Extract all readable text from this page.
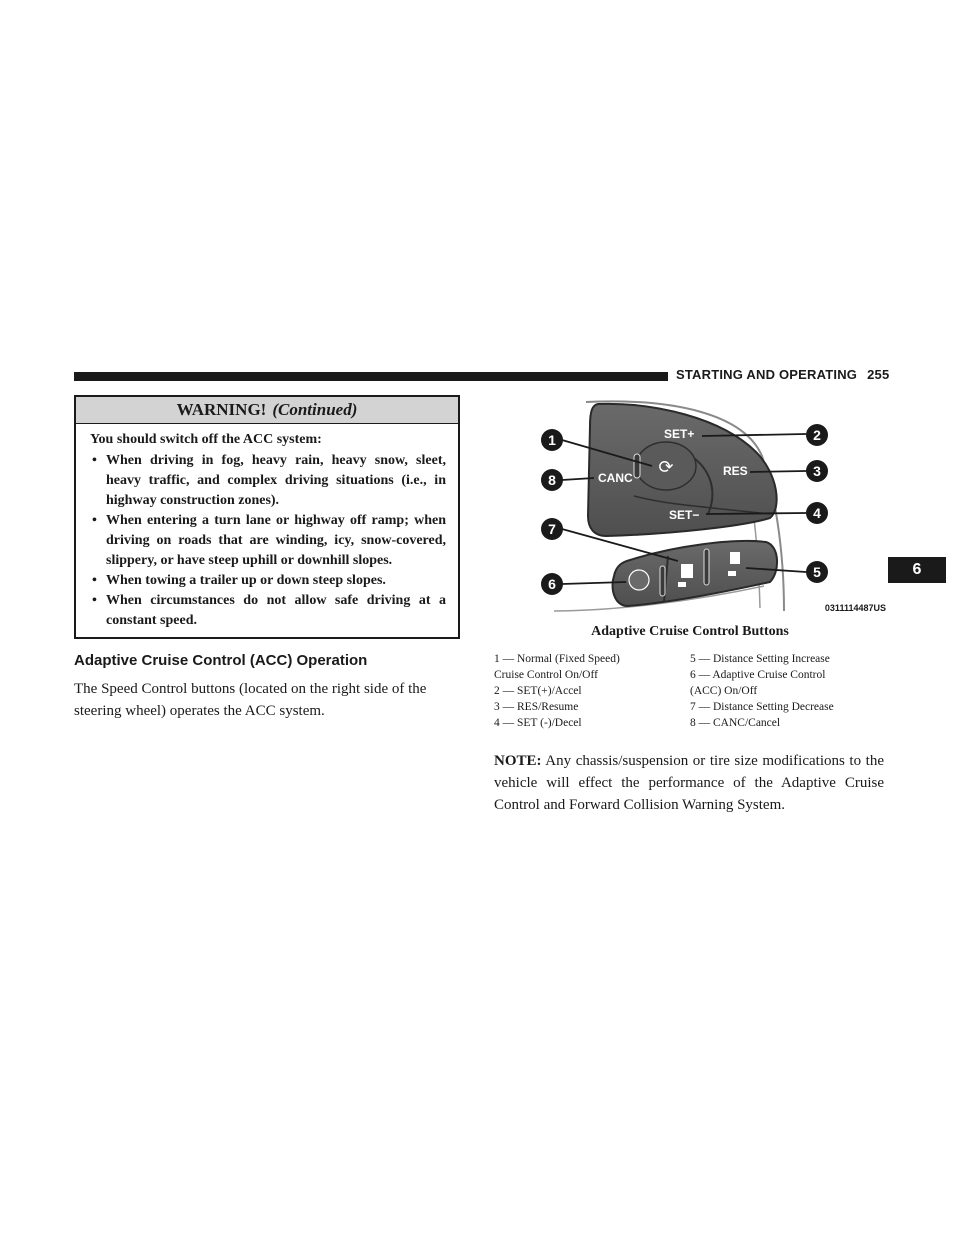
STARTING AND OPERATING 255
WARNING! (Continued)

You should switch off the ACC system:

• When driving in fog, heavy rain, heavy snow, sleet, heavy traffic, and complex driving situations (i.e., in highway construction zones).
• When entering a turn lane or highway off ramp; when driving on roads that are winding, icy, snow-covered, slippery, or have steep uphill or downhill slopes.
• When towing a trailer up or down steep slopes.
• When circumstances do not allow safe driving at a constant speed.
Adaptive Cruise Control (ACC) Operation
The Speed Control buttons (located on the right side of the steering wheel) operates the ACC system.
⟳
SET+
RES
SET−
CANC
1	2
3
4
5
6
7
8
0311114487US
Adaptive Cruise Control Buttons
1 — Normal (Fixed Speed)
Cruise Control On/Off
2 — SET(+)/Accel
3 — RES/Resume
4 — SET (-)/Decel
5 — Distance Setting Increase
6 — Adaptive Cruise Control
(ACC) On/Off
7 — Distance Setting Decrease
8 — CANC/Cancel
NOTE: Any chassis/suspension or tire size modifications to the vehicle will effect the performance of the Adaptive Cruise Control and Forward Collision Warning System.
6
